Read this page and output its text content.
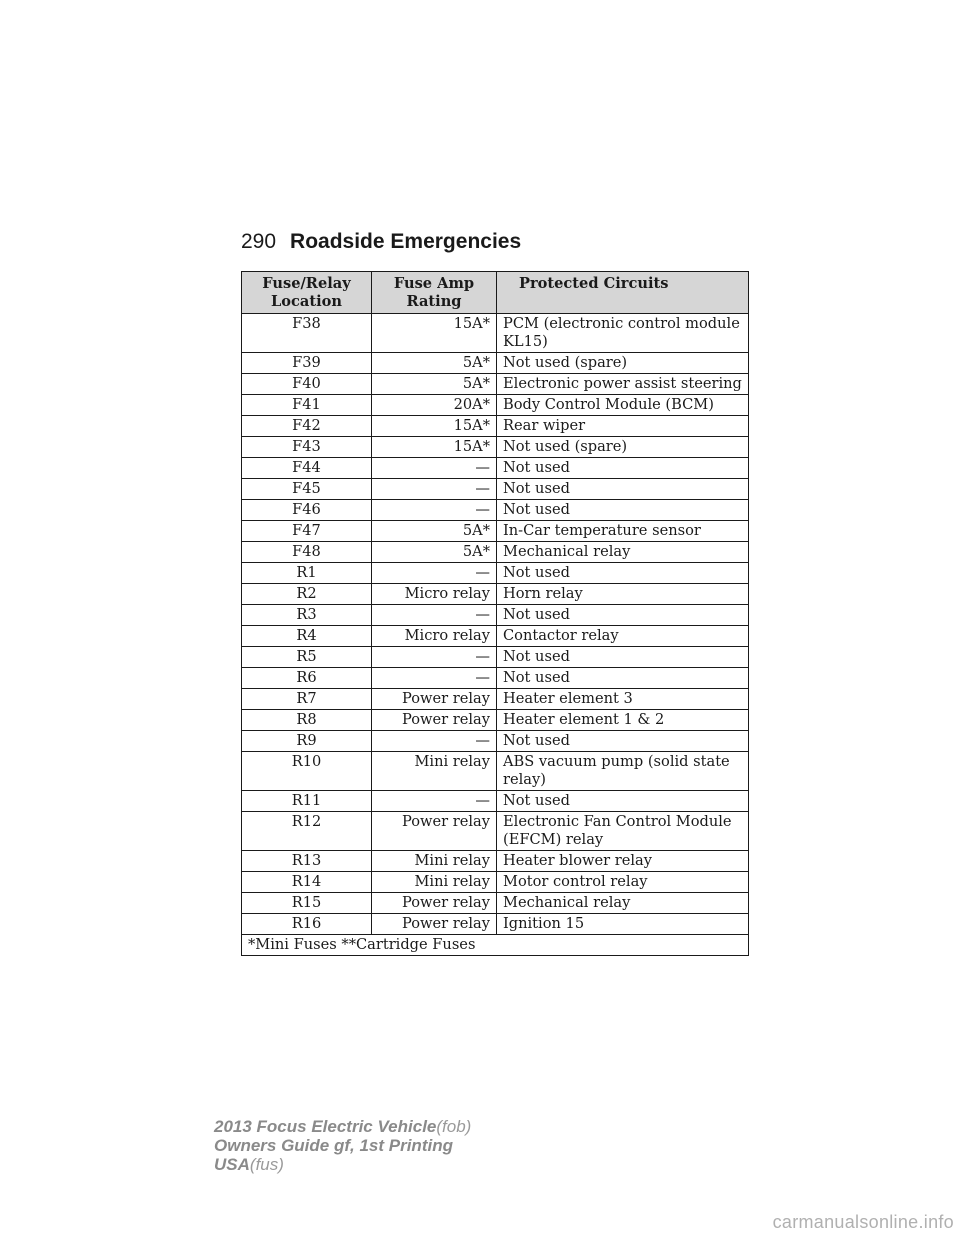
290 Roadside Emergencies
Fuse/Relay Location	Fuse Amp Rating	Protected Circuits
F38	15A*	PCM (electronic control module KL15)
F39	5A*	Not used (spare)
F40	5A*	Electronic power assist steering
F41	20A*	Body Control Module (BCM)
F42	15A*	Rear wiper
F43	15A*	Not used (spare)
F44	—	Not used
F45	—	Not used
F46	—	Not used
F47	5A*	In-Car temperature sensor
F48	5A*	Mechanical relay
R1	—	Not used
R2	Micro relay	Horn relay
R3	—	Not used
R4	Micro relay	Contactor relay
R5	—	Not used
R6	—	Not used
R7	Power relay	Heater element 3
R8	Power relay	Heater element 1 & 2
R9	—	Not used
R10	Mini relay	ABS vacuum pump (solid state relay)
R11	—	Not used
R12	Power relay	Electronic Fan Control Module (EFCM) relay
R13	Mini relay	Heater blower relay
R14	Mini relay	Motor control relay
R15	Power relay	Mechanical relay
R16	Power relay	Ignition 15
*Mini Fuses **Cartridge Fuses		
2013 Focus Electric Vehicle(fob)
Owners Guide gf, 1st Printing
USA(fus)
carmanualsonline.info
